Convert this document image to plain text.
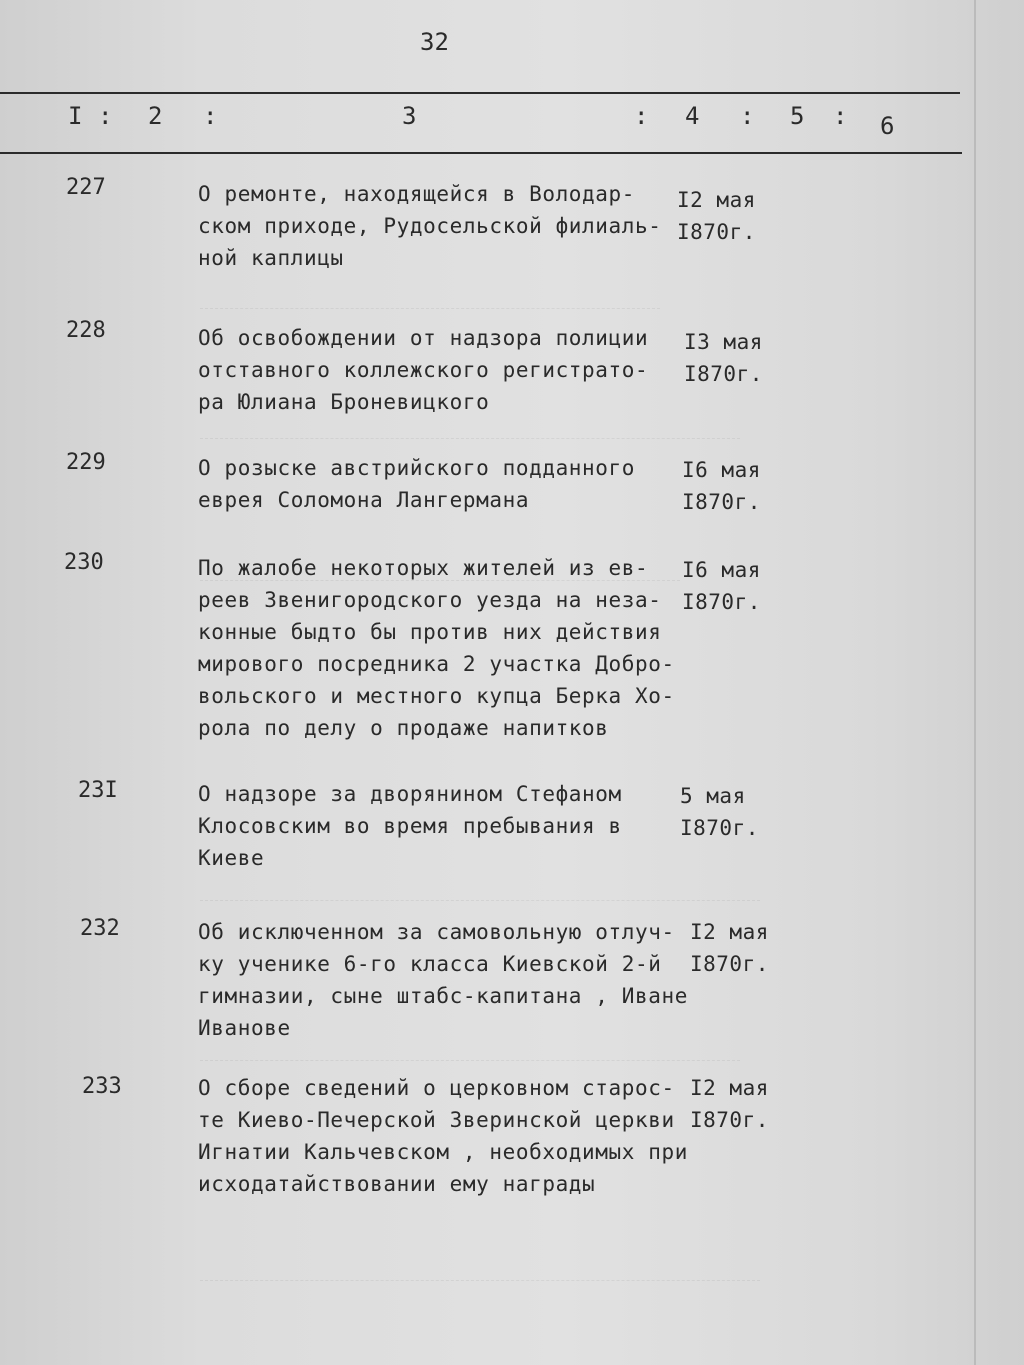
32
I : 2 :	3	: 4 : 5 : 6
227	О ремонте, находящейся в Володар-
ском приходе, Рудосельской филиаль-
ной каплицы
I2 мая
I870г.
228	Об освобождении от надзора полиции
отставного коллежского регистрато-
ра Юлиана Броневицкого
I3 мая
I870г.
229	О розыске австрийского подданного
еврея Соломона Лангермана
I6 мая
I870г.
230	По жалобе некоторых жителей из ев-
реев Звенигородского уезда на неза-
конные быдто бы против них действия
мирового посредника 2 участка Добро-
вольского и местного купца Берка Хо-
рола по делу о продаже напитков
I6 мая
I870г.
23I	О надзоре за дворянином Стефаном
Клосовским во время пребывания в
Киеве
5 мая
I870г.
232	Об исключенном за самовольную отлуч-
ку ученике 6-го класса Киевской 2-й
гимназии, сыне штабс-капитана , Иване
Иванове
I2 мая
I870г.
233	О сборе сведений о церковном старос-
те Киево-Печерской Зверинской церкви
Игнатии Кальчевском , необходимых при
исходатайствовании ему награды
I2 мая
I870г.
